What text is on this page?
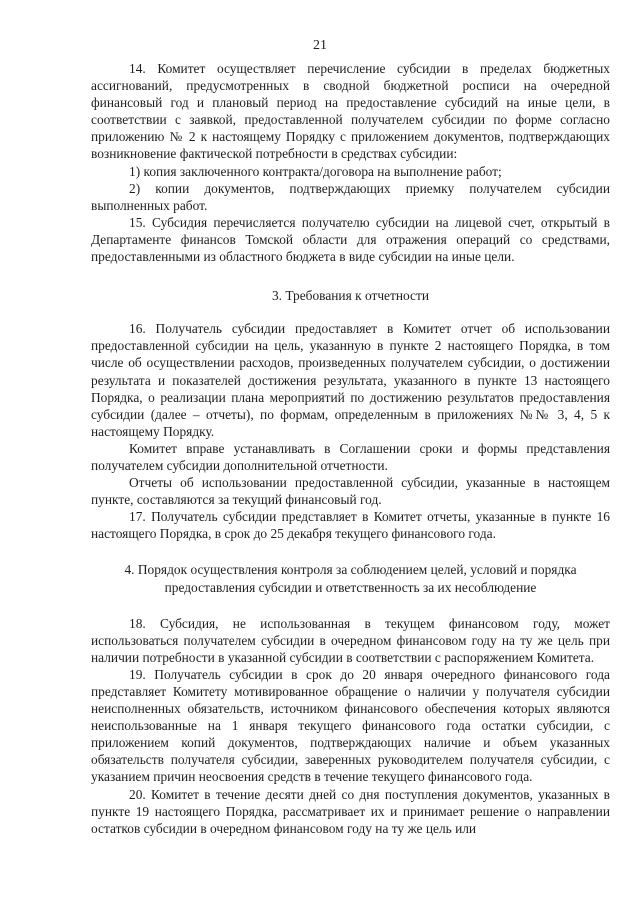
21

14. Комитет осуществляет перечисление субсидии в пределах бюджетных ассигнований, предусмотренных в сводной бюджетной росписи на очередной финансовый год и плановый период на предоставление субсидий на иные цели, в соответствии с заявкой, предоставленной получателем субсидии по форме согласно приложению № 2 к настоящему Порядку с приложением документов, подтверждающих возникновение фактической потребности в средствах субсидии:

1) копия заключенного контракта/договора на выполнение работ;

2) копии документов, подтверждающих приемку получателем субсидии выполненных работ.

15. Субсидия перечисляется получателю субсидии на лицевой счет, открытый в Департаменте финансов Томской области для отражения операций со средствами, предоставленными из областного бюджета в виде субсидии на иные цели.

3. Требования к отчетности

16. Получатель субсидии предоставляет в Комитет отчет об использовании предоставленной субсидии на цель, указанную в пункте 2 настоящего Порядка, в том числе об осуществлении расходов, произведенных получателем субсидии, о достижении результата и показателей достижения результата, указанного в пункте 13 настоящего Порядка, о реализации плана мероприятий по достижению результатов предоставления субсидии (далее – отчеты), по формам, определенным в приложениях №№ 3, 4, 5 к настоящему Порядку.

Комитет вправе устанавливать в Соглашении сроки и формы представления получателем субсидии дополнительной отчетности.

Отчеты об использовании предоставленной субсидии, указанные в настоящем пункте, составляются за текущий финансовый год.

17. Получатель субсидии представляет в Комитет отчеты, указанные в пункте 16 настоящего Порядка, в срок до 25 декабря текущего финансового года.

4. Порядок осуществления контроля за соблюдением целей, условий и порядка предоставления субсидии и ответственность за их несоблюдение

18. Субсидия, не использованная в текущем финансовом году, может использоваться получателем субсидии в очередном финансовом году на ту же цель при наличии потребности в указанной субсидии в соответствии с распоряжением Комитета.

19. Получатель субсидии в срок до 20 января очередного финансового года представляет Комитету мотивированное обращение о наличии у получателя субсидии неисполненных обязательств, источником финансового обеспечения которых являются неиспользованные на 1 января текущего финансового года остатки субсидии, с приложением копий документов, подтверждающих наличие и объем указанных обязательств получателя субсидии, заверенных руководителем получателя субсидии, с указанием причин неосвоения средств в течение текущего финансового года.

20. Комитет в течение десяти дней со дня поступления документов, указанных в пункте 19 настоящего Порядка, рассматривает их и принимает решение о направлении остатков субсидии в очередном финансовом году на ту же цель или
